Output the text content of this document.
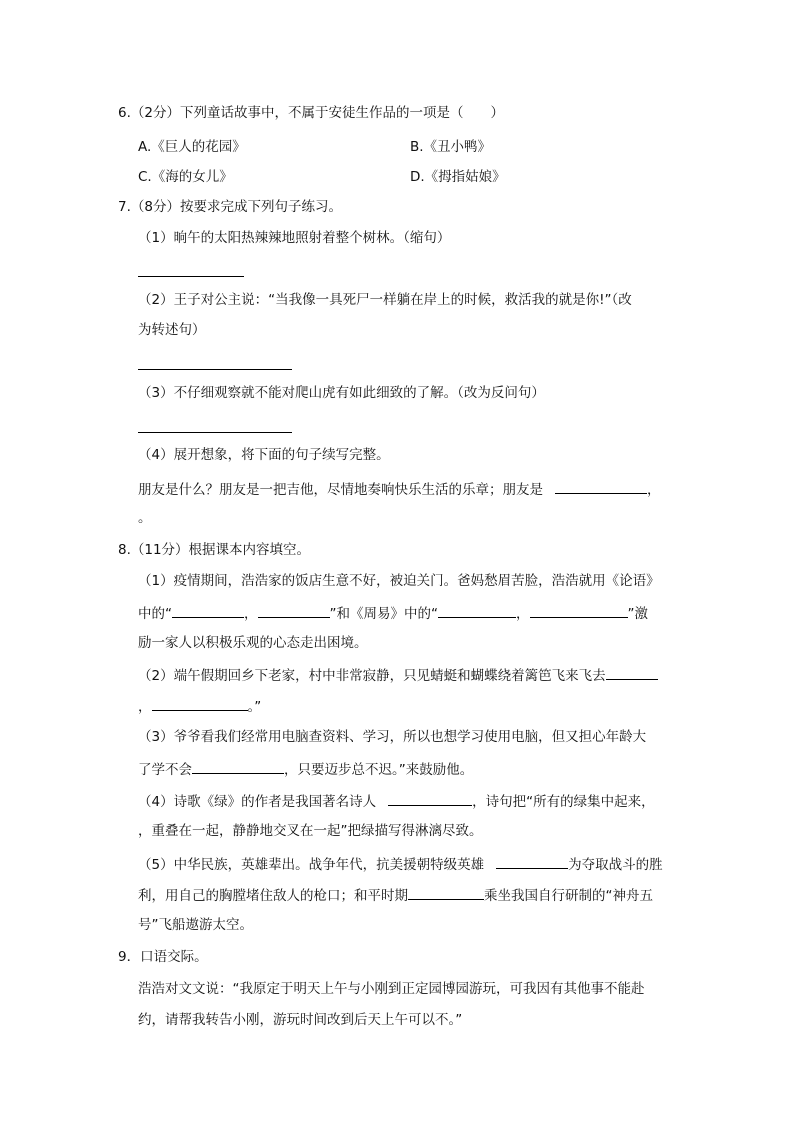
6.（2分）下列童话故事中，不属于安徒生作品的一项是（　　）
A.《巨人的花园》	B.《丑小鸭》
C.《海的女儿》	D.《拇指姑娘》
7.（8分）按要求完成下列句子练习。
（1）晌午的太阳热辣辣地照射着整个树林。（缩句）
（2）王子对公主说：“当我像一具死尸一样躺在岸上的时候，救活我的就是你!”（改
为转述句）
（3）不仔细观察就不能对爬山虎有如此细致的了解。（改为反问句）
（4）展开想象，将下面的句子续写完整。
朋友是什么？朋友是一把吉他，尽情地奏响快乐生活的乐章；朋友是	，
。
8.（11分）根据课本内容填空。
（1）疫情期间，浩浩家的饭店生意不好，被迫关门。爸妈愁眉苦脸，浩浩就用《论语》
中的“	，	”和《周易》中的“	，	”激
励一家人以积极乐观的心态走出困境。
（2）端午假期回乡下老家，村中非常寂静，只见蜻蜓和蝴蝶绕着篱笆飞来飞去
，	。”
（3）爷爷看我们经常用电脑查资料、学习，所以也想学习使用电脑，但又担心年龄大
了学不会	，只要迈步总不迟。”来鼓励他。
（4）诗歌《绿》的作者是我国著名诗人	，诗句把“所有的绿集中起来，
，重叠在一起，静静地交叉在一起”把绿描写得淋漓尽致。
（5）中华民族，英雄辈出。战争年代，抗美援朝特级英雄	为夺取战斗的胜
利，用自己的胸膛堵住敌人的枪口；和平时期	乘坐我国自行研制的“神舟五
号”飞船遨游太空。
9．口语交际。
浩浩对文文说：“我原定于明天上午与小刚到正定园博园游玩，可我因有其他事不能赴
约，请帮我转告小刚，游玩时间改到后天上午可以不。”
